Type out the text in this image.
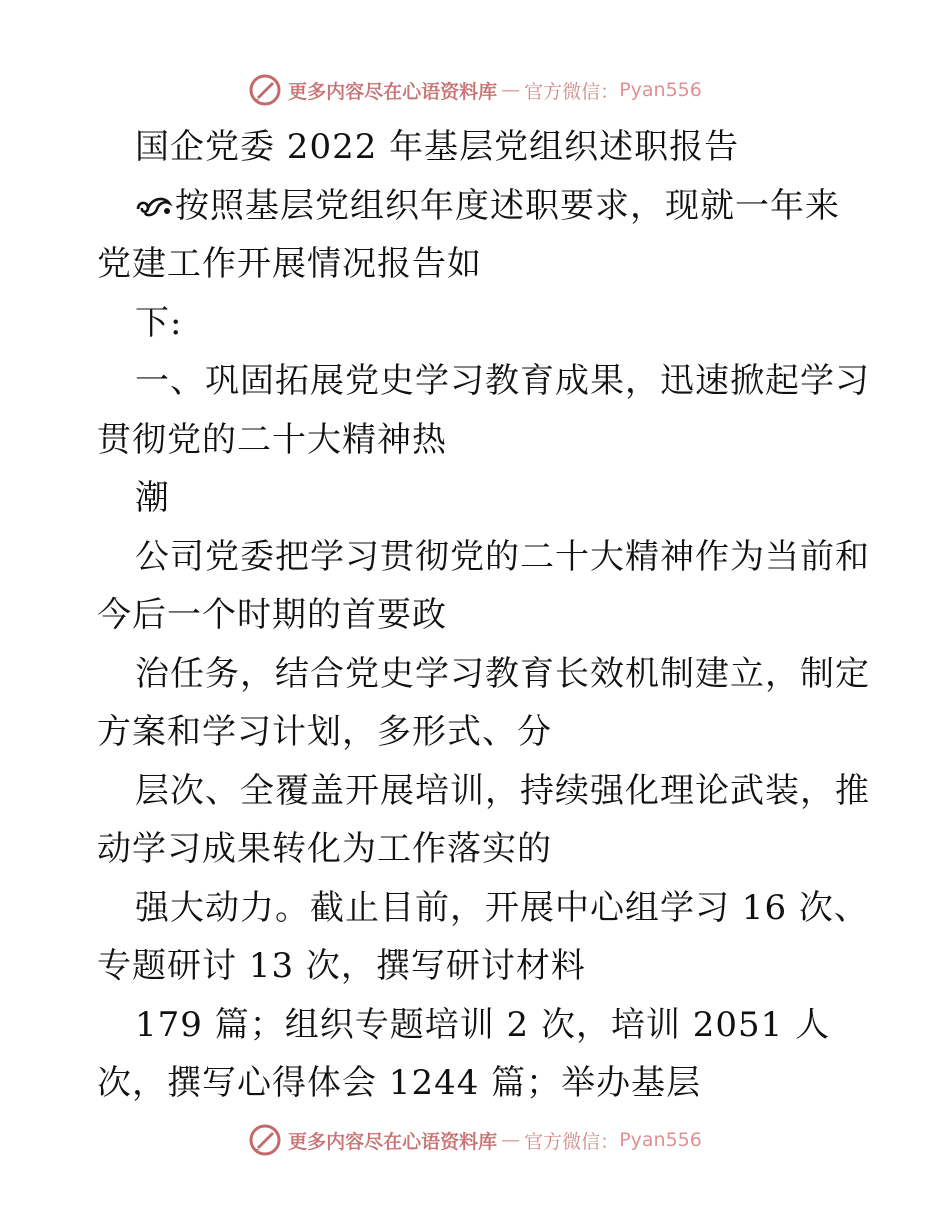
更多内容尽在心语资料库 — 官方微信： Pyan556
国企党委 2022 年基层党组织述职报告
按照基层党组织年度述职要求，现就一年来
党建工作开展情况报告如
下:
一、巩固拓展党史学习教育成果，迅速掀起学习
贯彻党的二十大精神热
潮
公司党委把学习贯彻党的二十大精神作为当前和
今后一个时期的首要政
治任务，结合党史学习教育长效机制建立，制定
方案和学习计划，多形式、分
层次、全覆盖开展培训，持续强化理论武装，推
动学习成果转化为工作落实的
强大动力。截止目前，开展中心组学习 16 次、
专题研讨 13 次，撰写研讨材料
179 篇；组织专题培训 2 次，培训 2051 人
次，撰写心得体会 1244 篇；举办基层
更多内容尽在心语资料库 — 官方微信： Pyan556
